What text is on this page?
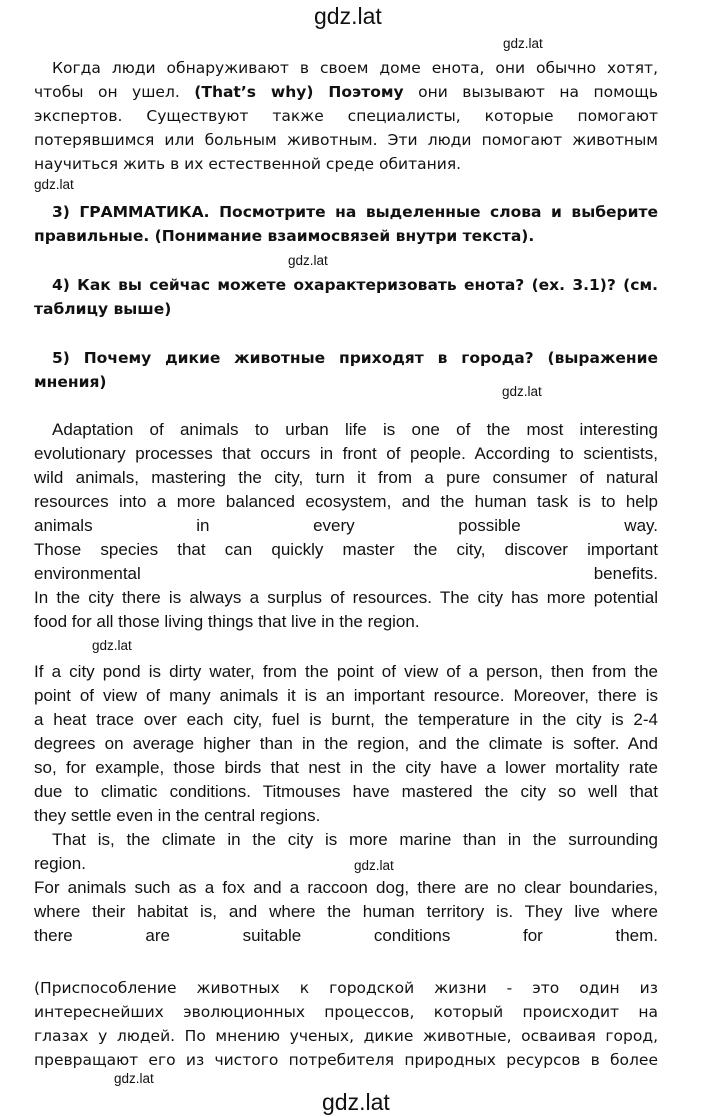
gdz.lat
gdz.lat
gdz.lat
gdz.lat
gdz.lat
gdz.lat
gdz.lat
gdz.lat
gdz.lat
Когда люди обнаруживают в своем доме енота, они обычно хотят,
чтобы он ушел. (That’s why) Поэтому они вызывают на помощь
экспертов. Существуют также специалисты, которые помогают
потерявшимся или больным животным. Эти люди помогают животным
научиться жить в их естественной среде обитания.
3) ГРАММАТИКА. Посмотрите на выделенные слова и выберите
правильные. (Понимание взаимосвязей внутри текста).
4) Как вы сейчас можете охарактеризовать енота? (ex. 3.1)? (см.
таблицу выше)
5) Почему дикие животные приходят в города? (выражение
мнения)
Adaptation of animals to urban life is one of the most interesting
evolutionary processes that occurs in front of people. According to scientists,
wild animals, mastering the city, turn it from a pure consumer of natural
resources into a more balanced ecosystem, and the human task is to help
animals in every possible way.
Those species that can quickly master the city, discover important
environmental benefits.
In the city there is always a surplus of resources. The city has more potential
food for all those living things that live in the region.
If a city pond is dirty water, from the point of view of a person, then from the
point of view of many animals it is an important resource. Moreover, there is
a heat trace over each city, fuel is burnt, the temperature in the city is 2-4
degrees on average higher than in the region, and the climate is softer. And
so, for example, those birds that nest in the city have a lower mortality rate
due to climatic conditions. Titmouses have mastered the city so well that
they settle even in the central regions.
That is, the climate in the city is more marine than in the surrounding
region.
For animals such as a fox and a raccoon dog, there are no clear boundaries,
where their habitat is, and where the human territory is. They live where
there are suitable conditions for them.
(Приспособление животных к городской жизни - это один из
интереснейших эволюционных процессов, который происходит на
глазах у людей. По мнению ученых, дикие животные, осваивая город,
превращают его из чистого потребителя природных ресурсов в более
